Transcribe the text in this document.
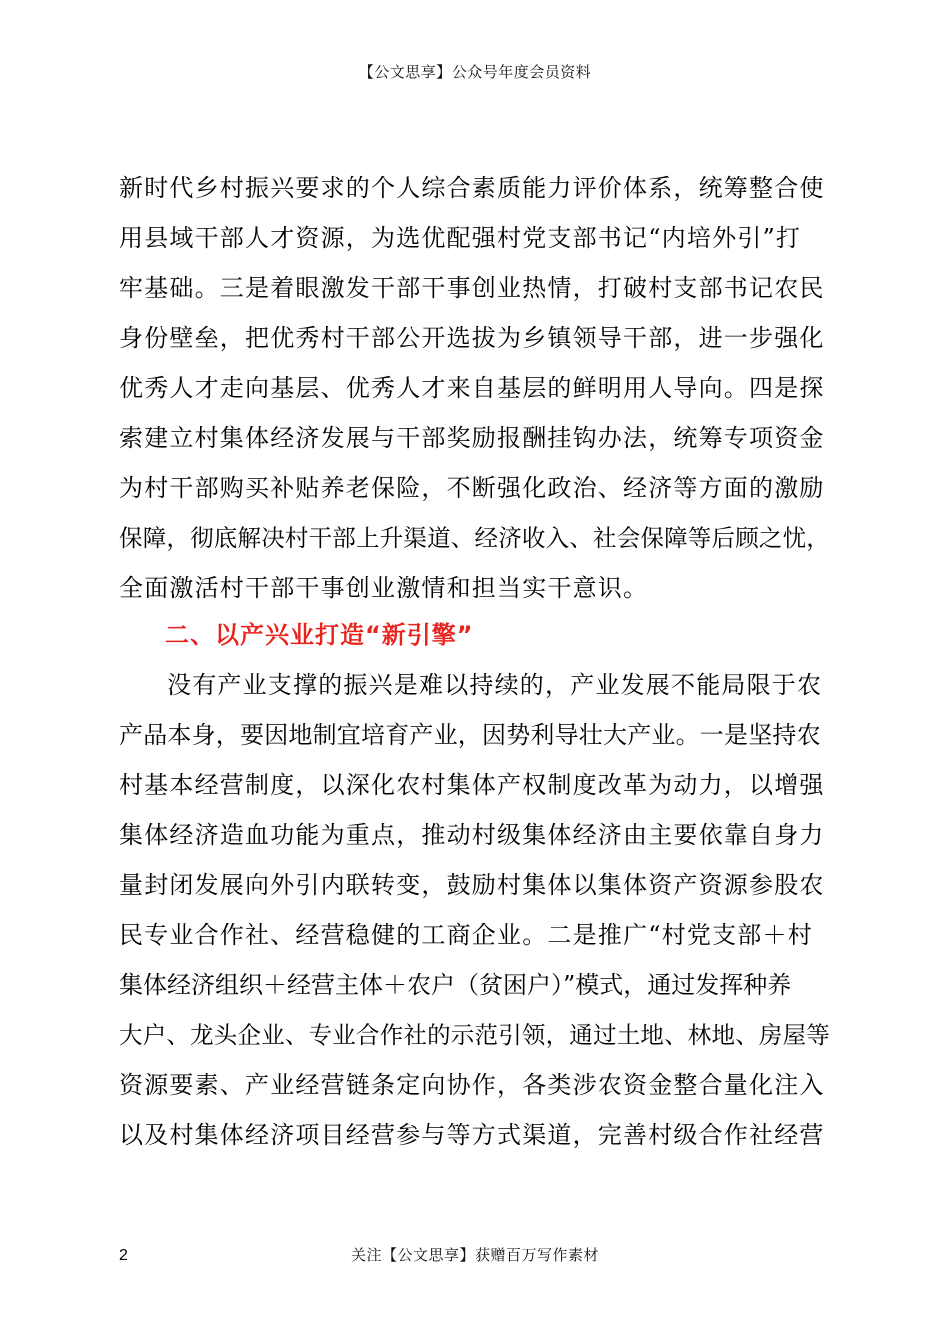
【公文思享】公众号年度会员资料
新时代乡村振兴要求的个人综合素质能力评价体系，统筹整合使
用县域干部人才资源，为选优配强村党支部书记“内培外引”打
牢基础。三是着眼激发干部干事创业热情，打破村支部书记农民
身份壁垒，把优秀村干部公开选拔为乡镇领导干部，进一步强化
优秀人才走向基层、优秀人才来自基层的鲜明用人导向。四是探
索建立村集体经济发展与干部奖励报酬挂钩办法，统筹专项资金
为村干部购买补贴养老保险，不断强化政治、经济等方面的激励
保障，彻底解决村干部上升渠道、经济收入、社会保障等后顾之忧，
全面激活村干部干事创业激情和担当实干意识。
二、以产兴业打造“新引擎”
没有产业支撑的振兴是难以持续的，产业发展不能局限于农
产品本身，要因地制宜培育产业，因势利导壮大产业。一是坚持农
村基本经营制度，以深化农村集体产权制度改革为动力，以增强
集体经济造血功能为重点，推动村级集体经济由主要依靠自身力
量封闭发展向外引内联转变，鼓励村集体以集体资产资源参股农
民专业合作社、经营稳健的工商企业。二是推广“村党支部＋村
集体经济组织＋经营主体＋农户（贫困户）”模式，通过发挥种养
大户、龙头企业、专业合作社的示范引领，通过土地、林地、房屋等
资源要素、产业经营链条定向协作，各类涉农资金整合量化注入
以及村集体经济项目经营参与等方式渠道，完善村级合作社经营
2	关注【公文思享】获赠百万写作素材
